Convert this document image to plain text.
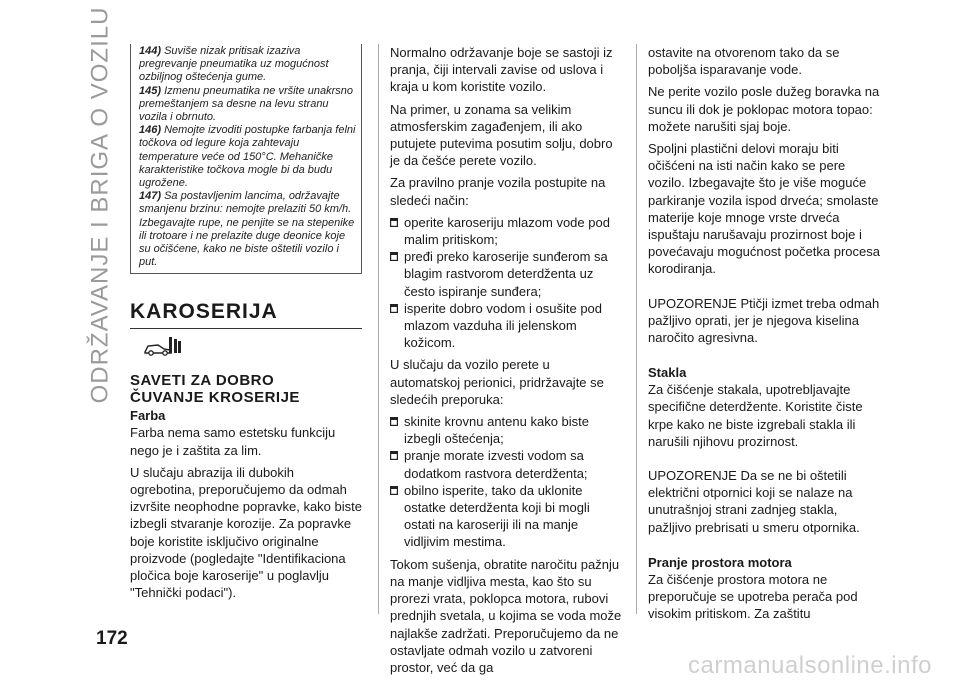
ODRŽAVANJE I BRIGA O VOZILU
172
144) Suviše nizak pritisak izaziva pregrevanje pneumatika uz mogućnost ozbiljnog oštećenja gume.
145) Izmenu pneumatika ne vršite unakrsno premeštanjem sa desne na levu stranu vozila i obrnuto.
146) Nemojte izvoditi postupke farbanja felni točkova od legure koja zahtevaju temperature veće od 150°C. Mehaničke karakteristike točkova mogle bi da budu ugrožene.
147) Sa postavljenim lancima, održavajte smanjenu brzinu: nemojte prelaziti 50 km/h. Izbegavajte rupe, ne penjite se na stepenike ili trotoare i ne prelazite duge deonice koje su očišćene, kako ne biste oštetili vozilo i put.
KAROSERIJA
SAVETI ZA DOBRO
ČUVANJE KROSERIJE
Farba
Farba nema samo estetsku funkciju nego je i zaštita za lim.
U slučaju abrazija ili dubokih ogrebotina, preporučujemo da odmah izvršite neophodne popravke, kako biste izbegli stvaranje korozije. Za popravke boje koristite isključivo originalne proizvode (pogledajte "Identifikaciona pločica boje karoserije" u poglavlju "Tehnički podaci").
Normalno održavanje boje se sastoji iz pranja, čiji intervali zavise od uslova i kraja u kom koristite vozilo.
Na primer, u zonama sa velikim atmosferskim zagađenjem, ili ako putujete putevima posutim solju, dobro je da češće perete vozilo.
Za pravilno pranje vozila postupite na sledeći način:
operite karoseriju mlazom vode pod malim pritiskom;
pređi preko karoserije sunđerom sa blagim rastvorom deterdženta uz često ispiranje sunđera;
isperite dobro vodom i osušite pod mlazom vazduha ili jelenskom kožicom.
U slučaju da vozilo perete u automatskoj perionici, pridržavajte se sledećih preporuka:
skinite krovnu antenu kako biste izbegli oštećenja;
pranje morate izvesti vodom sa dodatkom rastvora deterdženta;
obilno isperite, tako da uklonite ostatke deterdženta koji bi mogli ostati na karoseriji ili na manje vidljivim mestima.
Tokom sušenja, obratite naročitu pažnju na manje vidljiva mesta, kao što su prorezi vrata, poklopca motora, rubovi prednjih svetala, u kojima se voda može najlakše zadržati. Preporučujemo da ne ostavljate odmah vozilo u zatvoreni prostor, već da ga
ostavite na otvorenom tako da se poboljša isparavanje vode.
Ne perite vozilo posle dužeg boravka na suncu ili dok je poklopac motora topao: možete narušiti sjaj boje.
Spoljni plastični delovi moraju biti očišćeni na isti način kako se pere vozilo. Izbegavajte što je više moguće parkiranje vozila ispod drveća; smolaste materije koje mnoge vrste drveća ispuštaju narušavaju prozirnost boje i povećavaju mogućnost početka procesa korodiranja.
UPOZORENJE Ptičji izmet treba odmah pažljivo oprati, jer je njegova kiselina naročito agresivna.
Stakla
Za čišćenje stakala, upotrebljavajte specifične deterdžente. Koristite čiste krpe kako ne biste izgrebali stakla ili narušili njihovu prozirnost.
UPOZORENJE Da se ne bi oštetili električni otpornici koji se nalaze na unutrašnjoj strani zadnjeg stakla, pažljivo prebrisati u smeru otpornika.
Pranje prostora motora
Za čišćenje prostora motora ne preporučuje se upotreba perača pod visokim pritiskom. Za zaštitu
carmanualsonline.info
